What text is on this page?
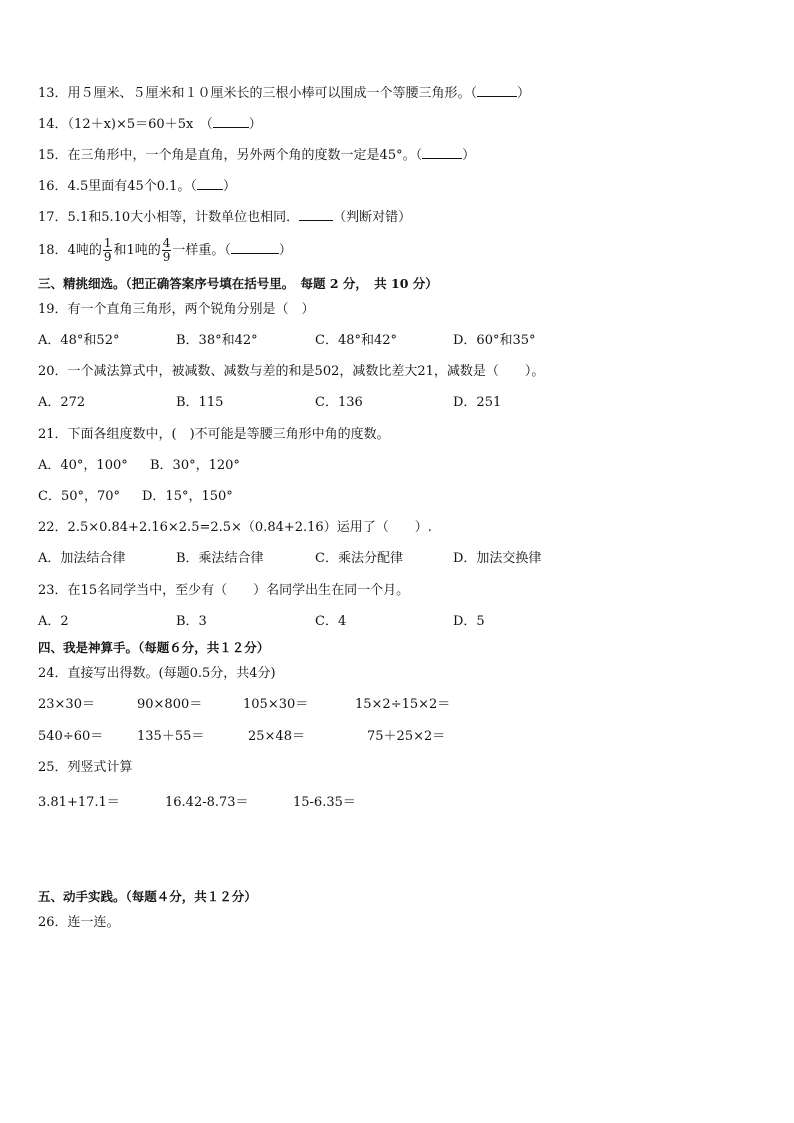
13．用５厘米、５厘米和１０厘米长的三根小棒可以围成一个等腰三角形。（	）
14．（12＋x)×5＝60＋5x　（	）
15．在三角形中，一个角是直角，另外两个角的度数一定是45°。（	）
16．4.5里面有45个0.1。（ ）
17．5.1和5.10大小相等，计数单位也相同．	（判断对错）
18．4吨的 $\frac{1}{9}$ 和1吨的 $\frac{4}{9}$ 一样重。（	）
三、精挑细选。（把正确答案序号填在括号里。　每题 2 分，　共 10 分）
19．有一个直角三角形，两个锐角分别是（　）
A．48°和52°	B．38°和42°	C．48°和42°	D．60°和35°
20．一个减法算式中，被减数、减数与差的和是502，减数比差大21，减数是（　　）。
A．272	B．115	C．136	D．251
21．下面各组度数中，(　)不可能是等腰三角形中角的度数。
A．40°，100° B．30°，120°
C．50°，70° D．15°，150°
22．2.5×0.84+2.16×2.5=2.5×（0.84+2.16）运用了（　　）.
A．加法结合律	B．乘法结合律	C．乘法分配律	D．加法交换律
23．在15名同学当中，至少有（　　）名同学出生在同一个月。
A．2	B．3	C．4	D．5
四、我是神算手。（每题６分，共１２分）
24．直接写出得数。(每题0.5分，共4分)
23×30＝	90×800＝	105×30＝	15×2÷15×2＝
540÷60＝	135＋55＝	25×48＝	75＋25×2＝
25．列竖式计算
3.81+17.1＝	16.42-8.73＝	15-6.35＝
五、动手实践。（每题４分，共１２分）
26．连一连。
